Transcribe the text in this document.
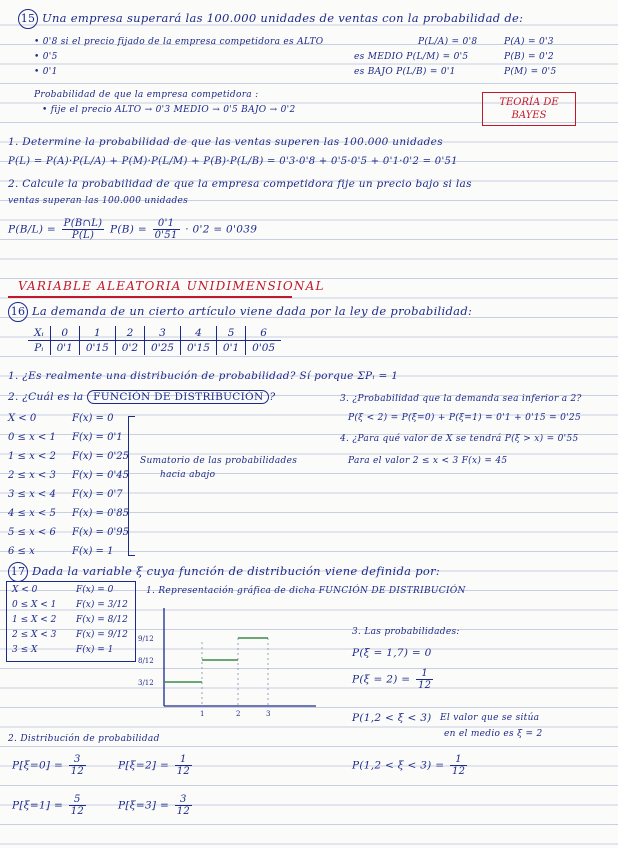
15 Una empresa superará las 100.000 unidades de ventas con la probabilidad de:
• 0'8 si el precio fijado de la empresa competidora es ALTO
• 0'5
• 0'1
P(L/A) = 0'8
es MEDIO P(L/M) = 0'5
es BAJO P(L/B) = 0'1
P(A) = 0'3
P(B) = 0'2
P(M) = 0'5
Probabilidad de que la empresa competidora :
• fije el precio ALTO → 0'3 MEDIO → 0'5 BAJO → 0'2
TEORÍA DE
BAYES
1. Determine la probabilidad de que las ventas superen las 100.000 unidades
P(L) = P(A)·P(L/A) + P(M)·P(L/M) + P(B)·P(L/B) = 0'3·0'8 + 0'5·0'5 + 0'1·0'2 = 0'51
2. Calcule la probabilidad de que la empresa competidora fije un precio bajo si las
ventas superan las 100.000 unidades
$P(B/L) = \frac{P(B\cap L)}{P(L)} P(B) = \frac{0'1}{0'51} \cdot 0'2 = 0'039$
VARIABLE ALEATORIA UNIDIMENSIONAL
16 La demanda de un cierto artículo viene dada por la ley de probabilidad:
Xᵢ	0	1	2	3	4	5	6
Pᵢ	0'1	0'15	0'2	0'25	0'15	0'1	0'05
1. ¿Es realmente una distribución de probabilidad? Sí porque ΣPᵢ = 1
2. ¿Cuál es la FUNCIÓN DE DISTRIBUCIÓN ?
X < 0	F(x) = 0
0 ≤ x < 1	F(x) = 0'1
1 ≤ x < 2	F(x) = 0'25
2 ≤ x < 3	F(x) = 0'45
3 ≤ x < 4	F(x) = 0'7
4 ≤ x < 5	F(x) = 0'85
5 ≤ x < 6	F(x) = 0'95
6 ≤ x	F(x) = 1
Sumatorio de las probabilidades
hacia abajo
3. ¿Probabilidad que la demanda sea inferior a 2?
P(ξ < 2) = P(ξ=0) + P(ξ=1) = 0'1 + 0'15 = 0'25
4. ¿Para qué valor de X se tendrá P(ξ > x) = 0'55
Para el valor 2 ≤ x < 3 F(x) = 45
17 Dada la variable ξ cuya función de distribución viene definida por:
X < 0	F(x) = 0
0 ≤ X < 1	F(x) = 3/12
1 ≤ X < 2	F(x) = 8/12
2 ≤ X < 3	F(x) = 9/12
3 ≤ X	F(x) = 1
1. Representación gráfica de dicha FUNCIÓN DE DISTRIBUCIÓN
9/12
8/12
3/12
1	2	3
3. Las probabilidades:
P(ξ = 1,7) = 0
$P(\xi = 2) = \frac{1}{12}$
P(1,2 < ξ < 3) El valor que se sitúa
en el medio es ξ = 2
$P(1,2 < \xi < 3) = \frac{1}{12}$
2. Distribución de probabilidad
$P[\xi=0] = \frac{3}{12}$	$P[\xi=2] = \frac{1}{12}$
$P[\xi=1] = \frac{5}{12}$	$P[\xi=3] = \frac{3}{12}$
